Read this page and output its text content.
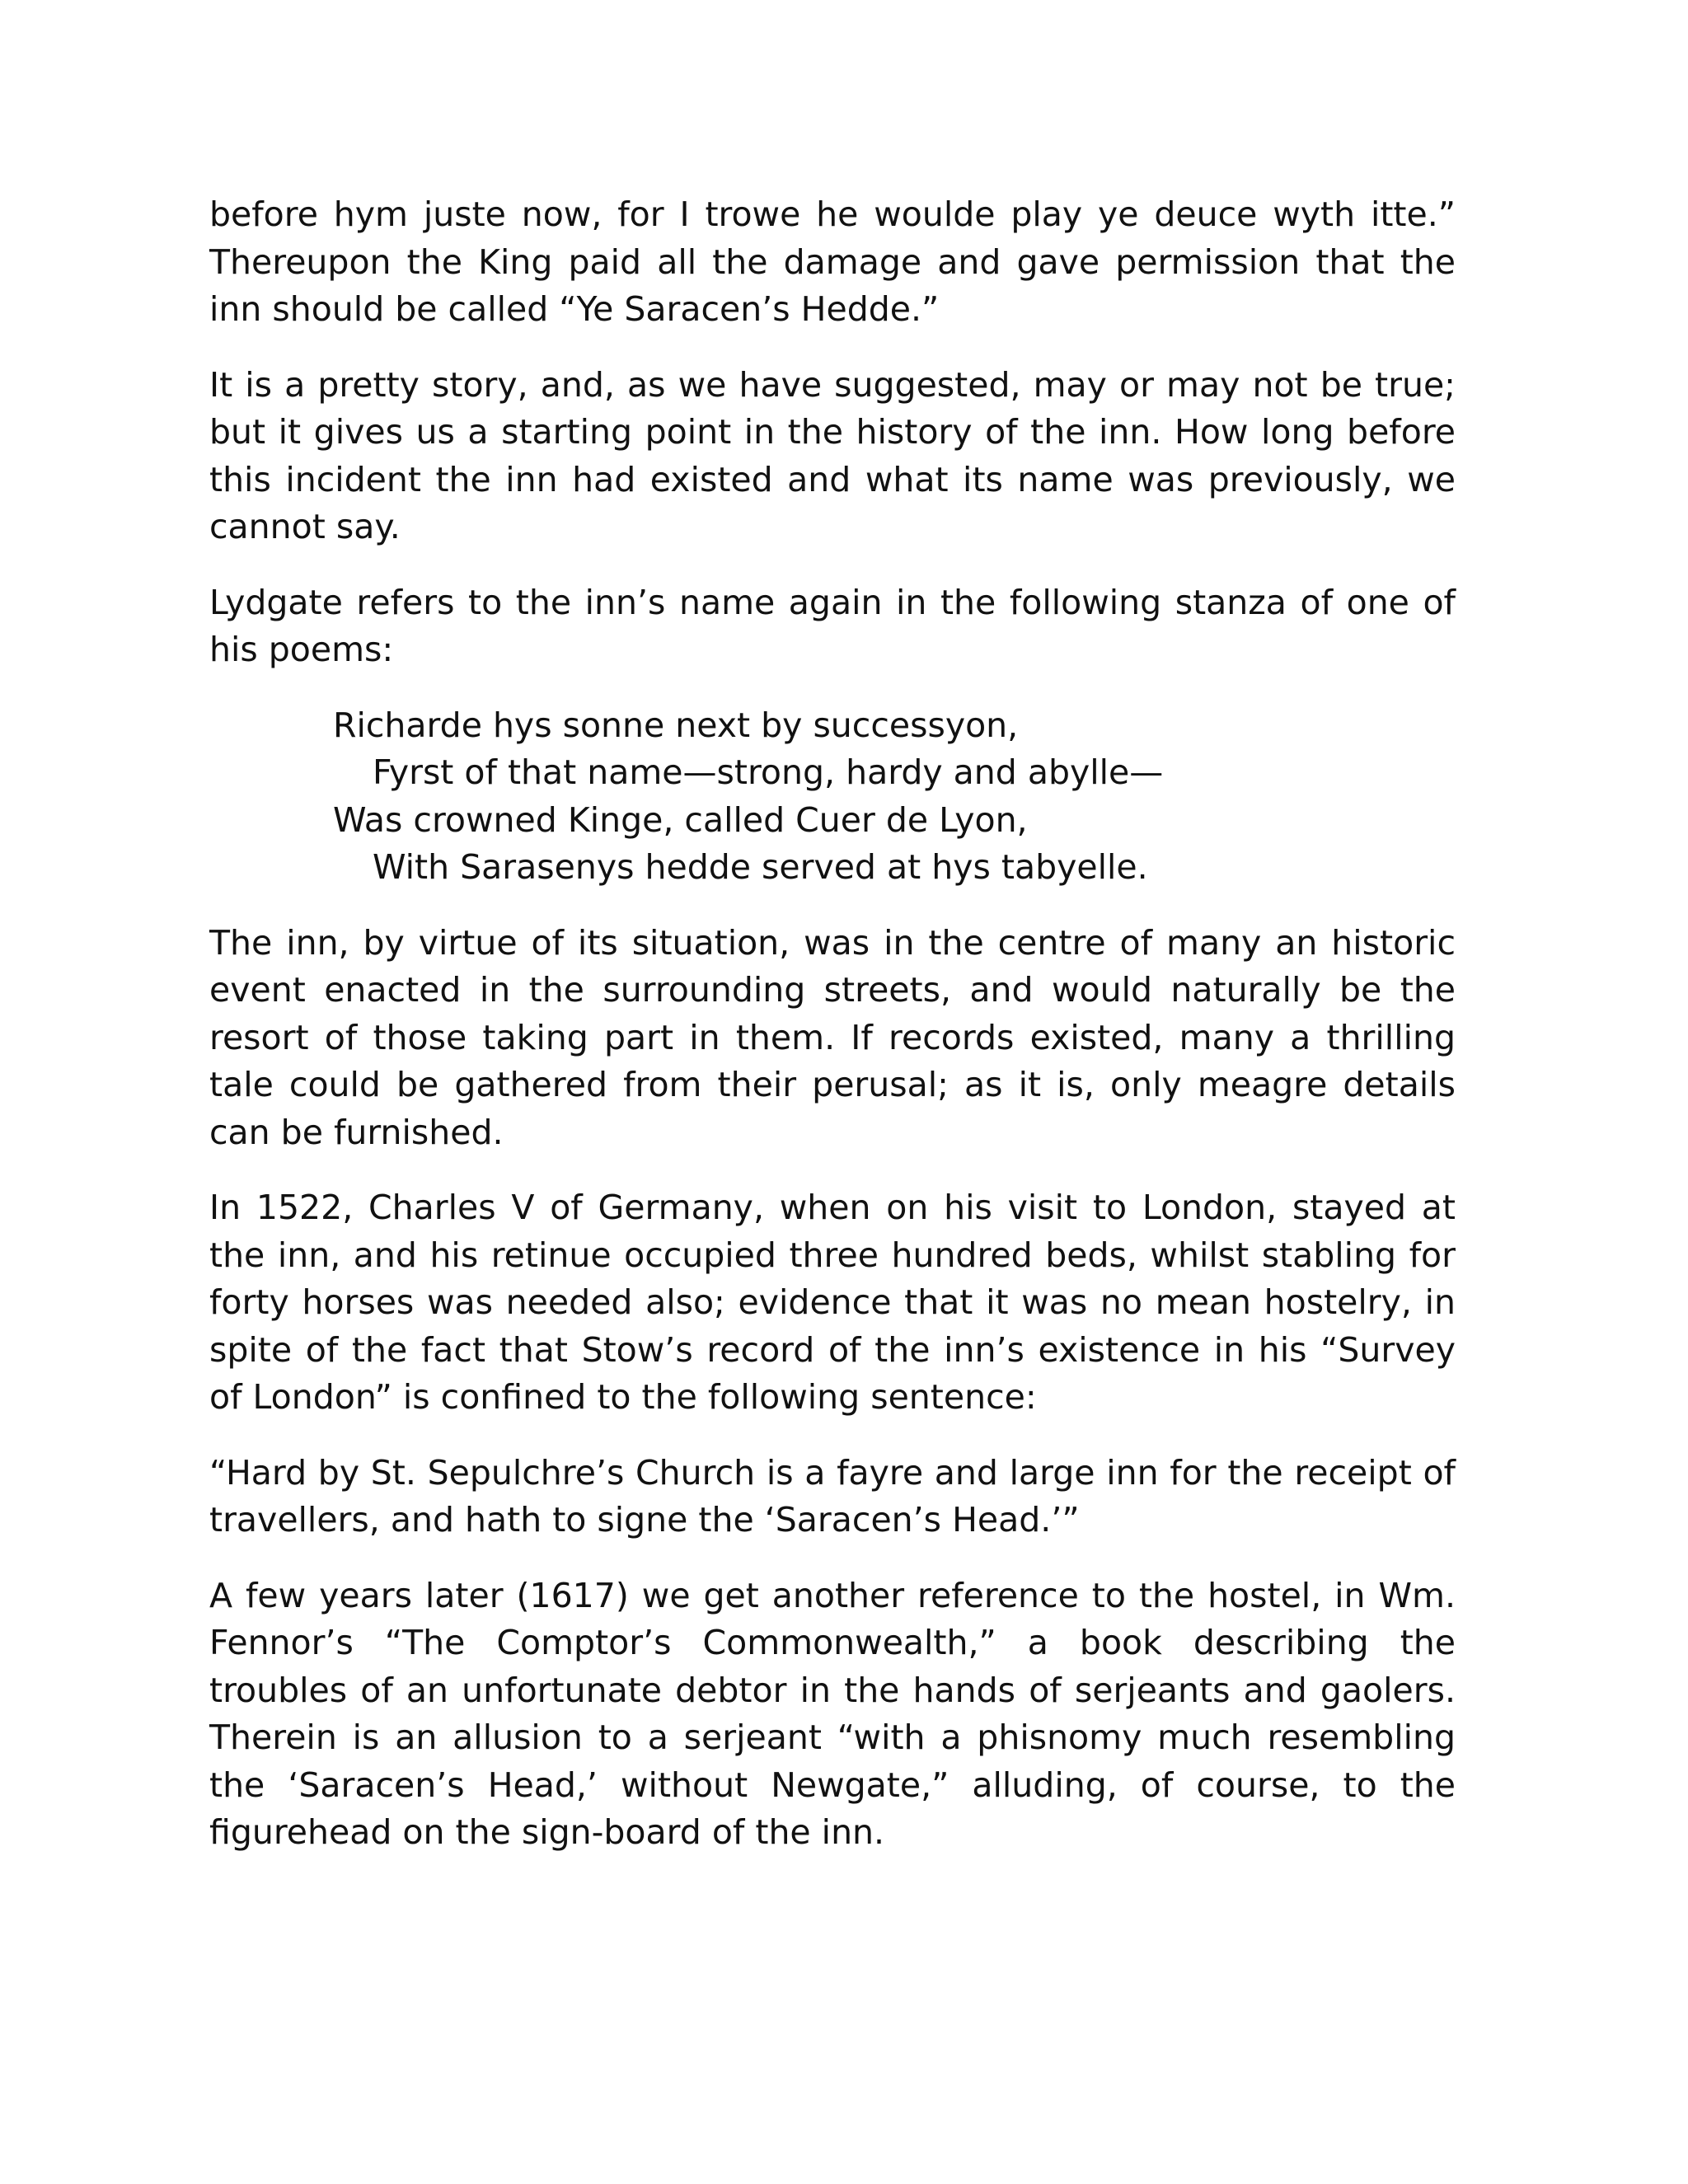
before hym juste now, for I trowe he woulde play ye deuce wyth itte.” Thereupon the King paid all the damage and gave permission that the inn should be called “Ye Saracen’s Hedde.”

It is a pretty story, and, as we have suggested, may or may not be true; but it gives us a starting point in the history of the inn. How long before this incident the inn had existed and what its name was previously, we cannot say.

Lydgate refers to the inn’s name again in the following stanza of one of his poems:

Richarde hys sonne next by successyon,
Fyrst of that name—strong, hardy and abylle—
Was crowned Kinge, called Cuer de Lyon,
With Sarasenys hedde served at hys tabyelle.

The inn, by virtue of its situation, was in the centre of many an historic event enacted in the surrounding streets, and would naturally be the resort of those taking part in them. If records existed, many a thrilling tale could be gathered from their perusal; as it is, only meagre details can be furnished.

In 1522, Charles V of Germany, when on his visit to London, stayed at the inn, and his retinue occupied three hundred beds, whilst stabling for forty horses was needed also; evidence that it was no mean hostelry, in spite of the fact that Stow’s record of the inn’s existence in his “Survey of London” is confined to the following sentence:

“Hard by St. Sepulchre’s Church is a fayre and large inn for the receipt of travellers, and hath to signe the ‘Saracen’s Head.’”

A few years later (1617) we get another reference to the hostel, in Wm. Fennor’s “The Comptor’s Commonwealth,” a book describing the troubles of an unfortunate debtor in the hands of serjeants and gaolers. Therein is an allusion to a serjeant “with a phisnomy much resembling the ‘Saracen’s Head,’ without Newgate,” alluding, of course, to the figurehead on the sign-board of the inn.
